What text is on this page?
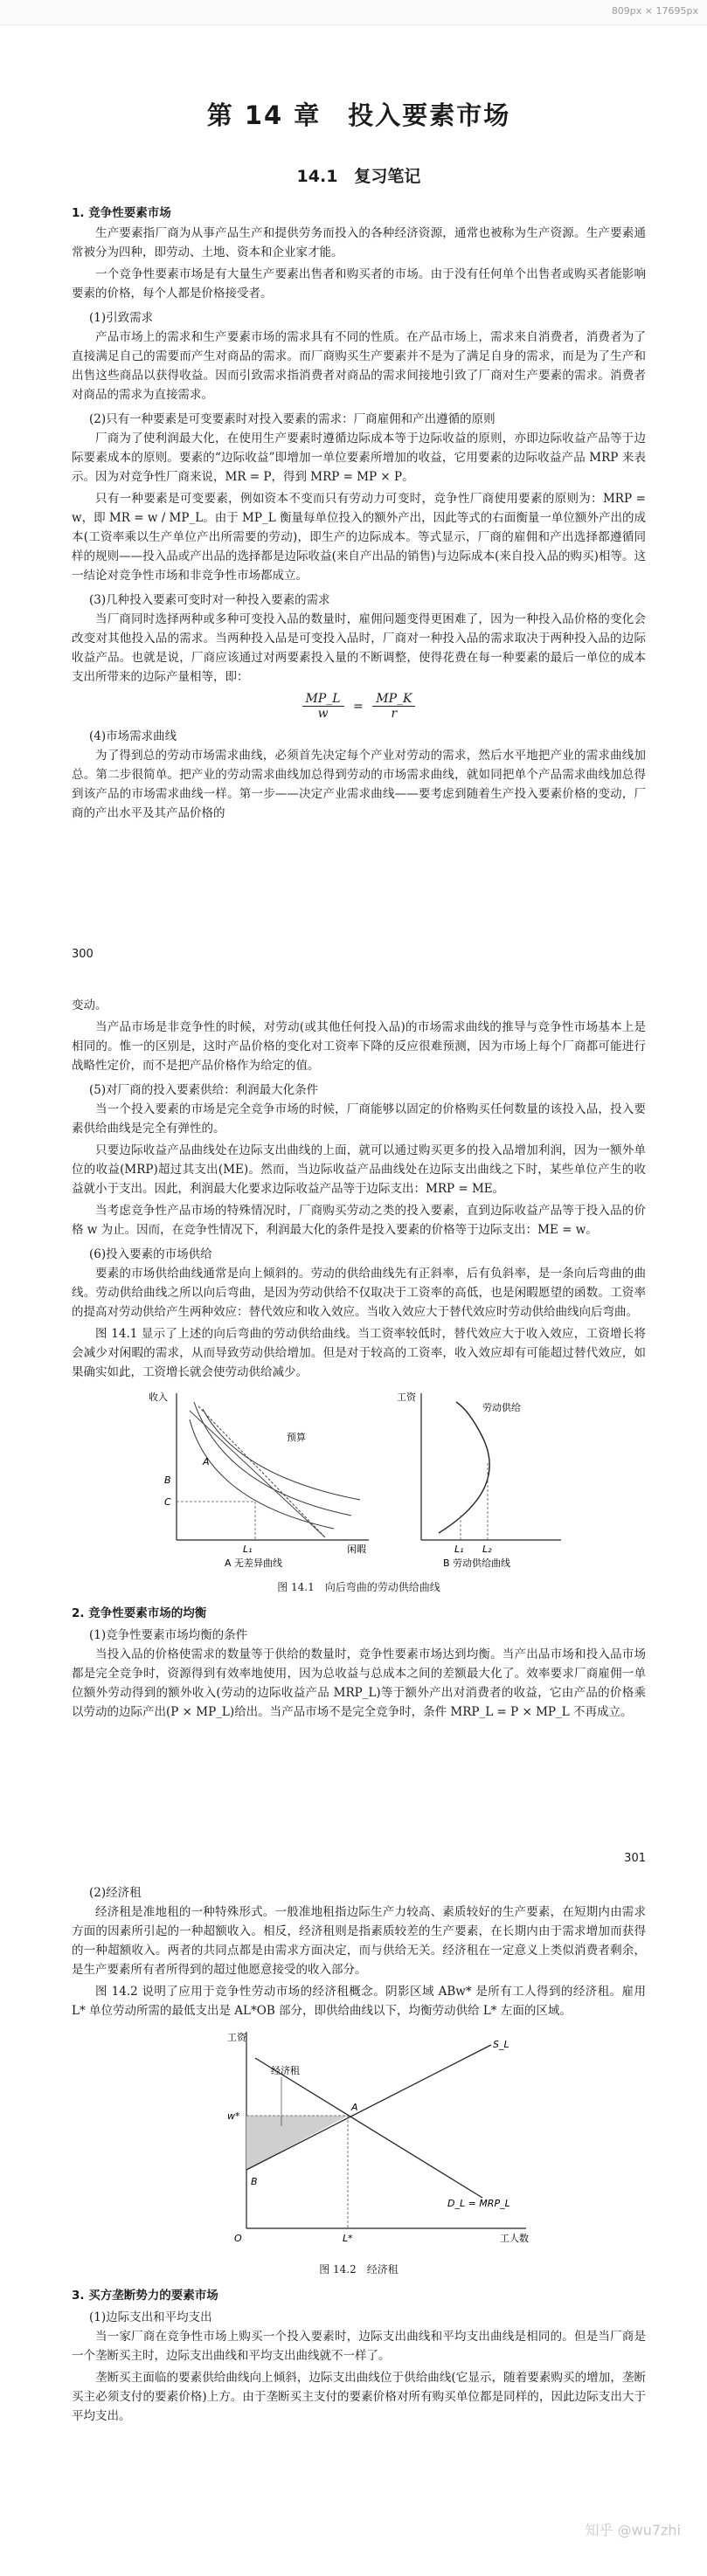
809px × 17695px
第 14 章　投入要素市场
14.1　复习笔记
1. 竞争性要素市场

生产要素指厂商为从事产品生产和提供劳务而投入的各种经济资源，通常也被称为生产资源。生产要素通常被分为四种，即劳动、土地、资本和企业家才能。

一个竞争性要素市场是有大量生产要素出售者和购买者的市场。由于没有任何单个出售者或购买者能影响要素的价格，每个人都是价格接受者。

(1)引致需求

产品市场上的需求和生产要素市场的需求具有不同的性质。在产品市场上，需求来自消费者，消费者为了直接满足自己的需要而产生对商品的需求。而厂商购买生产要素并不是为了满足自身的需求，而是为了生产和出售这些商品以获得收益。因而引致需求指消费者对商品的需求间接地引致了厂商对生产要素的需求。消费者对商品的需求为直接需求。

(2)只有一种要素是可变要素时对投入要素的需求：厂商雇佣和产出遵循的原则

厂商为了使利润最大化，在使用生产要素时遵循边际成本等于边际收益的原则，亦即边际收益产品等于边际要素成本的原则。要素的“边际收益”即增加一单位要素所增加的收益，它用要素的边际收益产品 MRP 来表示。因为对竞争性厂商来说，MR = P，得到 MRP = MP × P。

只有一种要素是可变要素，例如资本不变而只有劳动力可变时，竞争性厂商使用要素的原则为：MRP = w，即 MR = w / MP_L。由于 MP_L 衡量每单位投入的额外产出，因此等式的右面衡量一单位额外产出的成本(工资率乘以生产单位产出所需要的劳动)，即生产的边际成本。等式显示，厂商的雇佣和产出选择都遵循同样的规则——投入品或产出品的选择都是边际收益(来自产出品的销售)与边际成本(来自投入品的购买)相等。这一结论对竞争性市场和非竞争性市场都成立。

(3)几种投入要素可变时对一种投入要素的需求

当厂商同时选择两种或多种可变投入品的数量时，雇佣问题变得更困难了，因为一种投入品价格的变化会改变对其他投入品的需求。当两种投入品是可变投入品时，厂商对一种投入品的需求取决于两种投入品的边际收益产品。也就是说，厂商应该通过对两要素投入量的不断调整，使得花费在每一种要素的最后一单位的成本支出所带来的边际产量相等，即：

$\frac{MP\_L}{w} = \frac{MP\_K}{r}$
(4)市场需求曲线

为了得到总的劳动市场需求曲线，必须首先决定每个产业对劳动的需求，然后水平地把产业的需求曲线加总。第二步很简单。把产业的劳动需求曲线加总得到劳动的市场需求曲线，就如同把单个产品需求曲线加总得到该产品的市场需求曲线一样。第一步——决定产业需求曲线——要考虑到随着生产投入要素价格的变动，厂商的产出水平及其产品价格的

300

变动。

当产品市场是非竞争性的时候，对劳动(或其他任何投入品)的市场需求曲线的推导与竞争性市场基本上是相同的。惟一的区别是，这时产品价格的变化对工资率下降的反应很难预测，因为市场上每个厂商都可能进行战略性定价，而不是把产品价格作为给定的值。

(5)对厂商的投入要素供给：利润最大化条件

当一个投入要素的市场是完全竞争市场的时候，厂商能够以固定的价格购买任何数量的该投入品，投入要素供给曲线是完全有弹性的。

只要边际收益产品曲线处在边际支出曲线的上面，就可以通过购买更多的投入品增加利润，因为一额外单位的收益(MRP)超过其支出(ME)。然而，当边际收益产品曲线处在边际支出曲线之下时，某些单位产生的收益就小于支出。因此，利润最大化要求边际收益产品等于边际支出：MRP = ME。

当考虑竞争性产品市场的特殊情况时，厂商购买劳动之类的投入要素，直到边际收益产品等于投入品的价格 w 为止。因而，在竞争性情况下，利润最大化的条件是投入要素的价格等于边际支出：ME = w。

(6)投入要素的市场供给

要素的市场供给曲线通常是向上倾斜的。劳动的供给曲线先有正斜率，后有负斜率，是一条向后弯曲的曲线。劳动供给曲线之所以向后弯曲，是因为劳动供给不仅取决于工资率的高低，也是闲暇愿望的函数。工资率的提高对劳动供给产生两种效应：替代效应和收入效应。当收入效应大于替代效应时劳动供给曲线向后弯曲。

图 14.1 显示了上述的向后弯曲的劳动供给曲线。当工资率较低时，替代效应大于收入效应，工资增长将会减少对闲暇的需求，从而导致劳动供给增加。但是对于较高的工资率，收入效应却有可能超过替代效应，如果确实如此，工资增长就会使劳动供给减少。

收入
闲暇
预算
A
B
C
L₁
A 无差异曲线
工资
劳动供给
L₁ L₂
B 劳动供给曲线
图 14.1　向后弯曲的劳动供给曲线
2. 竞争性要素市场的均衡
(1)竞争性要素市场均衡的条件

当投入品的价格使需求的数量等于供给的数量时，竞争性要素市场达到均衡。当产出品市场和投入品市场都是完全竞争时，资源得到有效率地使用，因为总收益与总成本之间的差额最大化了。效率要求厂商雇佣一单位额外劳动得到的额外收入(劳动的边际收益产品 MRP_L)等于额外产出对消费者的收益，它由产品的价格乘以劳动的边际产出(P × MP_L)给出。当产品市场不是完全竞争时，条件 MRP_L = P × MP_L 不再成立。

301
(2)经济租

经济租是准地租的一种特殊形式。一般准地租指边际生产力较高、素质较好的生产要素，在短期内由需求方面的因素所引起的一种超额收入。相反，经济租则是指素质较差的生产要素，在长期内由于需求增加而获得的一种超额收入。两者的共同点都是由需求方面决定，而与供给无关。经济租在一定意义上类似消费者剩余，是生产要素所有者所得到的超过他愿意接受的收入部分。

图 14.2 说明了应用于竞争性劳动市场的经济租概念。阴影区域 ABw* 是所有工人得到的经济租。雇用 L* 单位劳动所需的最低支出是 AL*OB 部分，即供给曲线以下，均衡劳动供给 L* 左面的区域。

工资
经济租
S_L
D_L = MRP_L
w*
A
B
O	L*	工人数
图 14.2　经济租
3. 买方垄断势力的要素市场
(1)边际支出和平均支出

当一家厂商在竞争性市场上购买一个投入要素时，边际支出曲线和平均支出曲线是相同的。但是当厂商是一个垄断买主时，边际支出曲线和平均支出曲线就不一样了。

垄断买主面临的要素供给曲线向上倾斜，边际支出曲线位于供给曲线(它显示，随着要素购买的增加，垄断买主必须支付的要素价格)上方。由于垄断买主支付的要素价格对所有购买单位都是同样的，因此边际支出大于平均支出。

知乎 @wu7zhi
